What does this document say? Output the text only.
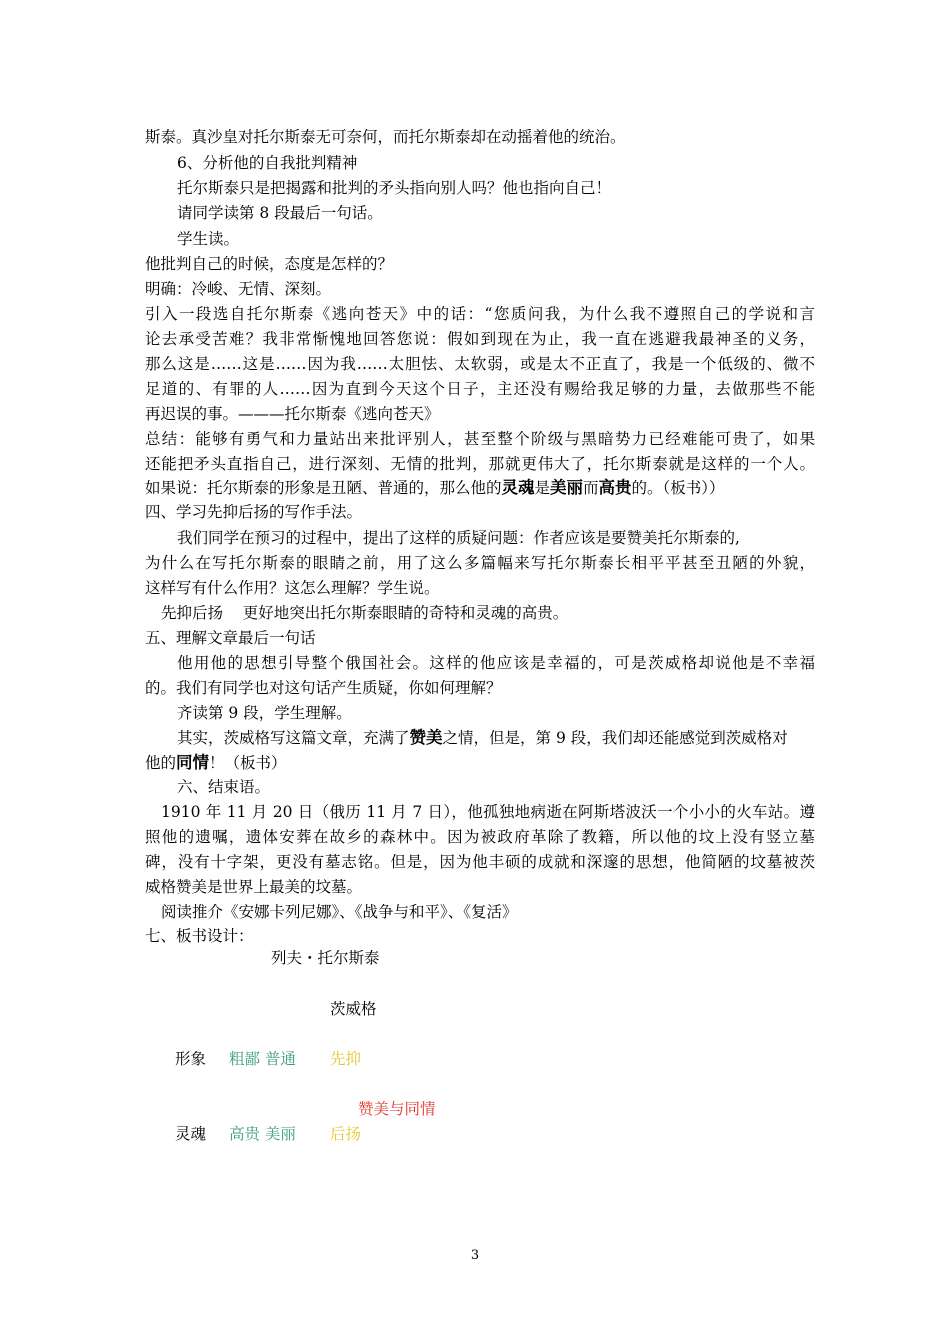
斯泰。真沙皇对托尔斯泰无可奈何，而托尔斯泰却在动摇着他的统治。
6、分析他的自我批判精神
托尔斯泰只是把揭露和批判的矛头指向别人吗？他也指向自己！
请同学读第 8 段最后一句话。
学生读。
他批判自己的时候，态度是怎样的？
明确：冷峻、无情、深刻。
引入一段选自托尔斯泰《逃向苍天》中的话：“您质问我，为什么我不遵照自己的学说和言
论去承受苦难？我非常惭愧地回答您说：假如到现在为止，我一直在逃避我最神圣的义务，
那么这是……这是……因为我……太胆怯、太软弱，或是太不正直了，我是一个低级的、微不
足道的、有罪的人……因为直到今天这个日子，主还没有赐给我足够的力量，去做那些不能
再迟误的事。———托尔斯泰《逃向苍天》
总结：能够有勇气和力量站出来批评别人，甚至整个阶级与黑暗势力已经难能可贵了，如果
还能把矛头直指自己，进行深刻、无情的批判，那就更伟大了，托尔斯泰就是这样的一个人。
如果说：托尔斯泰的形象是丑陋、普通的，那么他的灵魂是美丽而高贵的。（板书））
四、学习先抑后扬的写作手法。
我们同学在预习的过程中，提出了这样的质疑问题：作者应该是要赞美托尔斯泰的,
为什么在写托尔斯泰的眼睛之前，用了这么多篇幅来写托尔斯泰长相平平甚至丑陋的外貌，
这样写有什么作用？这怎么理解？学生说。
先抑后扬    更好地突出托尔斯泰眼睛的奇特和灵魂的高贵。
五、理解文章最后一句话
他用他的思想引导整个俄国社会。这样的他应该是幸福的，可是茨威格却说他是不幸福
的。我们有同学也对这句话产生质疑，你如何理解？
齐读第 9 段，学生理解。
其实，茨威格写这篇文章，充满了赞美之情，但是，第 9 段，我们却还能感觉到茨威格对
他的同情！（板书）
六、结束语。
1910 年 11 月 20 日（俄历 11 月 7 日），他孤独地病逝在阿斯塔波沃一个小小的火车站。遵
照他的遗嘱，遗体安葬在故乡的森林中。因为被政府革除了教籍，所以他的坟上没有竖立墓
碑，没有十字架，更没有墓志铭。但是，因为他丰硕的成就和深邃的思想，他简陋的坟墓被茨
威格赞美是世界上最美的坟墓。
阅读推介《安娜卡列尼娜》、《战争与和平》、《复活》
七、板书设计：
列夫・托尔斯泰
茨威格
形象 粗鄙 普通 先抑
赞美与同情
灵魂 高贵 美丽 后扬
3
